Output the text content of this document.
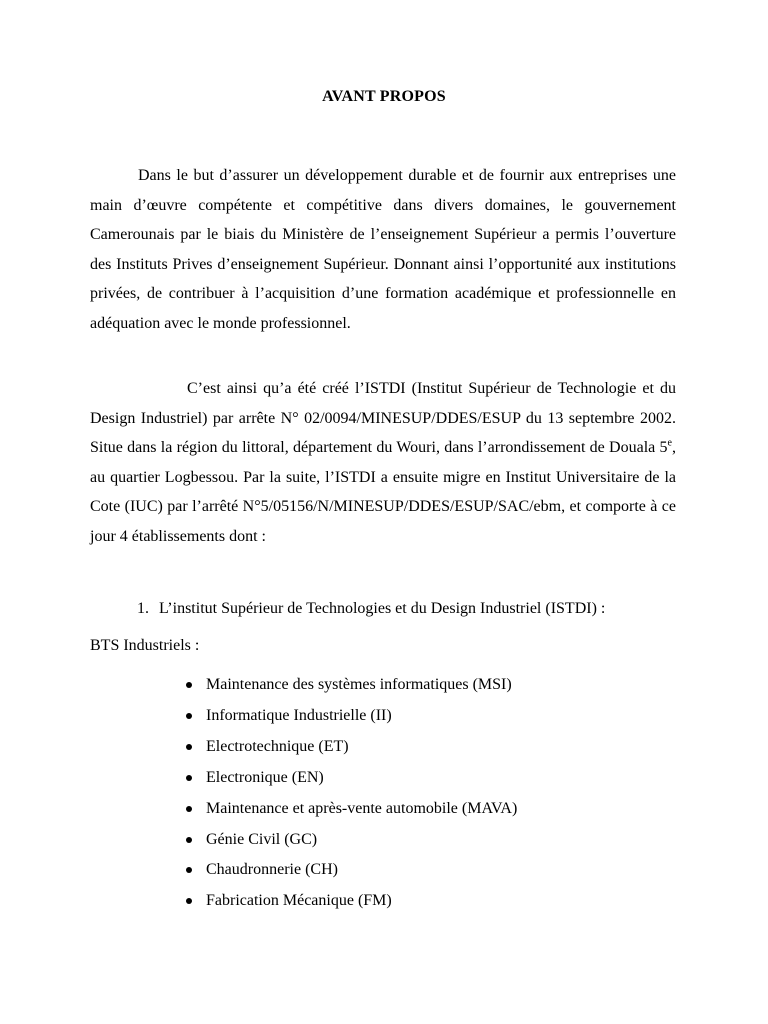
AVANT PROPOS

Dans le but d’assurer un développement durable et de fournir aux entreprises une main d’œuvre compétente et compétitive dans divers domaines, le gouvernement Camerounais par le biais du Ministère de l’enseignement Supérieur a permis l’ouverture des Instituts Prives d’enseignement Supérieur. Donnant ainsi l’opportunité aux institutions privées, de contribuer à l’acquisition d’une formation académique et professionnelle en adéquation avec le monde professionnel.

C’est ainsi qu’a été créé l’ISTDI (Institut Supérieur de Technologie et du Design Industriel) par arrête N° 02/0094/MINESUP/DDES/ESUP du 13 septembre 2002. Situe dans la région du littoral, département du Wouri, dans l’arrondissement de Douala 5e, au quartier Logbessou. Par la suite, l’ISTDI a ensuite migre en Institut Universitaire de la Cote (IUC) par l’arrêté N°5/05156/N/MINESUP/DDES/ESUP/SAC/ebm, et comporte à ce jour 4 établissements dont :

1. L’institut Supérieur de Technologies et du Design Industriel (ISTDI) :
BTS Industriels :
Maintenance des systèmes informatiques (MSI)
Informatique Industrielle (II)
Electrotechnique (ET)
Electronique (EN)
Maintenance et après-vente automobile (MAVA)
Génie Civil (GC)
Chaudronnerie (CH)
Fabrication Mécanique (FM)
